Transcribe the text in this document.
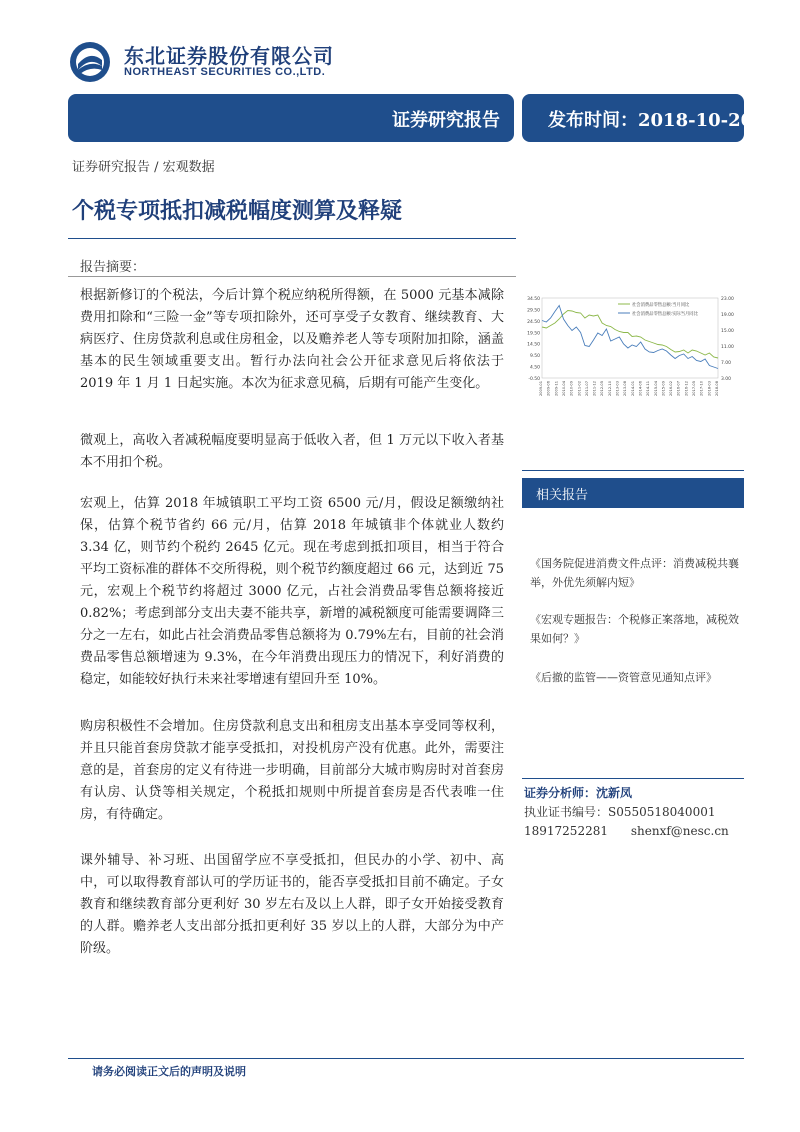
东北证券股份有限公司
NORTHEAST SECURITIES CO.,LTD.
证券研究报告	发布时间：2018-10-20
证券研究报告 / 宏观数据
个税专项抵扣减税幅度测算及释疑
报告摘要：
根据新修订的个税法，今后计算个税应纳税所得额，在 5000 元基本减除费用扣除和“三险一金”等专项扣除外，还可享受子女教育、继续教育、大病医疗、住房贷款利息或住房租金，以及赡养老人等专项附加扣除，涵盖基本的民生领域重要支出。暂行办法向社会公开征求意见后将依法于 2019 年 1 月 1 日起实施。本次为征求意见稿，后期有可能产生变化。
微观上，高收入者减税幅度要明显高于低收入者，但 1 万元以下收入者基本不用扣个税。
宏观上，估算 2018 年城镇职工平均工资 6500 元/月，假设足额缴纳社保，估算个税节省约 66 元/月，估算 2018 年城镇非个体就业人数约 3.34 亿，则节约个税约 2645 亿元。现在考虑到抵扣项目，相当于符合平均工资标准的群体不交所得税，则个税节约额度超过 66 元，达到近 75 元，宏观上个税节约将超过 3000 亿元，占社会消费品零售总额将接近 0.82%；考虑到部分支出夫妻不能共享，新增的减税额度可能需要调降三分之一左右，如此占社会消费品零售总额将为 0.79%左右，目前的社会消费品零售总额增速为 9.3%，在今年消费出现压力的情况下，利好消费的稳定，如能较好执行未来社零增速有望回升至 10%。
购房积极性不会增加。住房贷款利息支出和租房支出基本享受同等权利，并且只能首套房贷款才能享受抵扣，对投机房产没有优惠。此外，需要注意的是，首套房的定义有待进一步明确，目前部分大城市购房时对首套房有认房、认贷等相关规定，个税抵扣规则中所提首套房是否代表唯一住房，有待确定。
课外辅导、补习班、出国留学应不享受抵扣，但民办的小学、初中、高中，可以取得教育部认可的学历证书的，能否享受抵扣目前不确定。子女教育和继续教育部分更利好 30 岁左右及以上人群，即子女开始接受教育的人群。赡养老人支出部分抵扣更利好 35 岁以上的人群，大部分为中产阶级。
34.50
29.50
24.50
19.50
14.50
9.50
4.50
-0.50
23.00
19.00
15.00
11.00
7.00
3.00
2009-01 2009-06 2009-11 2010-04 2010-09 2011-02 2011-07 2011-12 2012-05 2012-10 2013-03 2013-08 2014-01 2014-06 2014-11 2015-04 2015-09 2016-02 2016-07 2016-12 2017-05 2017-10 2018-03 2018-08
社会消费品零售总额:当月同比
社会消费品零售总额:实际当月同比
相关报告
《国务院促进消费文件点评：消费减税共襄举，外优先须解内短》
《宏观专题报告：个税修正案落地，减税效果如何？》
《后撤的监管——资管意见通知点评》
证券分析师：沈新凤
执业证书编号：S0550518040001
18917252281 shenxf@nesc.cn
请务必阅读正文后的声明及说明
